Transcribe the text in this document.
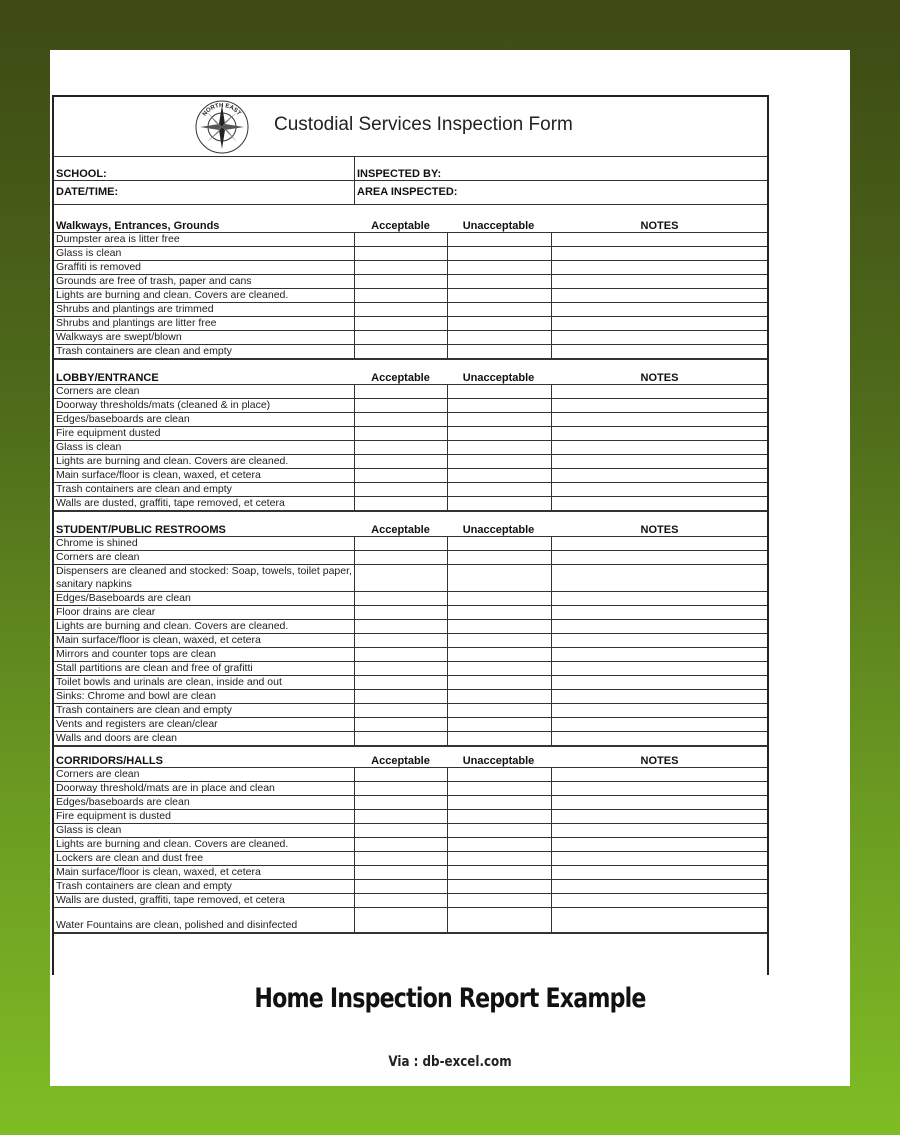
NORTH EAST
Custodial Services Inspection Form
SCHOOL:	INSPECTED BY:
DATE/TIME:	AREA INSPECTED:
Walkways, Entrances, Grounds	Acceptable	Unacceptable	NOTES
Dumpster area is litter free
Glass is clean
Graffiti is removed
Grounds are free of trash, paper and cans
Lights are burning and clean. Covers are cleaned.
Shrubs and plantings are trimmed
Shrubs and plantings are litter free
Walkways are swept/blown
Trash containers are clean and empty
LOBBY/ENTRANCE	Acceptable	Unacceptable	NOTES
Corners are clean
Doorway thresholds/mats (cleaned & in place)
Edges/baseboards are clean
Fire equipment dusted
Glass is clean
Lights are burning and clean. Covers are cleaned.
Main surface/floor is clean, waxed, et cetera
Trash containers are clean and empty
Walls are dusted, graffiti, tape removed, et cetera
STUDENT/PUBLIC RESTROOMS	Acceptable	Unacceptable	NOTES
Chrome is shined
Corners are clean
Dispensers are cleaned and stocked: Soap, towels, toilet paper, sanitary napkins
Edges/Baseboards are clean
Floor drains are clear
Lights are burning and clean. Covers are cleaned.
Main surface/floor is clean, waxed, et cetera
Mirrors and counter tops are clean
Stall partitions are clean and free of grafitti
Toilet bowls and urinals are clean, inside and out
Sinks: Chrome and bowl are clean
Trash containers are clean and empty
Vents and registers are clean/clear
Walls and doors are clean
CORRIDORS/HALLS	Acceptable	Unacceptable	NOTES
Corners are clean
Doorway threshold/mats are in place and clean
Edges/baseboards are clean
Fire equipment is dusted
Glass is clean
Lights are burning and clean. Covers are cleaned.
Lockers are clean and dust free
Main surface/floor is clean, waxed, et cetera
Trash containers are clean and empty
Walls are dusted, graffiti, tape removed, et cetera
Water Fountains are clean, polished and disinfected
Home Inspection Report Example
Via : db-excel.com
